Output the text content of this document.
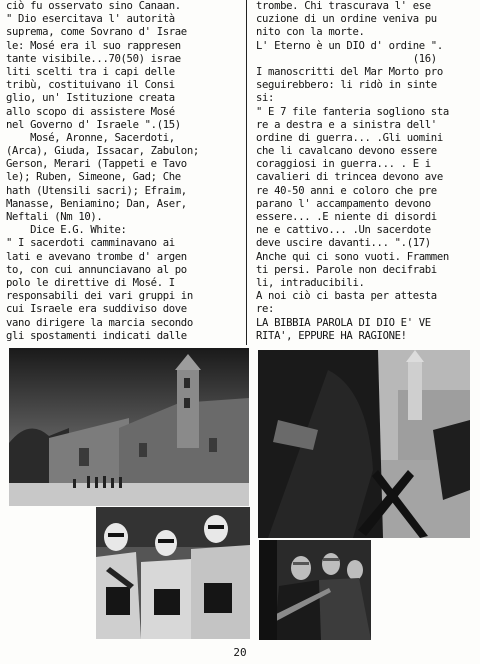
ciò fu osservato sino Canaan.
" Dio esercitava l' autorità
suprema, come Sovrano d' Israe
le: Mosé era il suo rappresen
tante visibile...70(50) israe
liti scelti tra i capi delle
tribù, costituivano il Consi
glio, un' Istituzione creata
allo scopo di assistere Mosé
nel Governo d' Israele ".(15)
Mosé, Aronne, Sacerdoti,
(Arca), Giuda, Issacar, Zabulon;
Gerson, Merari (Tappeti e Tavo
le); Ruben, Simeone, Gad; Che
hath (Utensili sacri); Efraim,
Manasse, Beniamino; Dan, Aser,
Neftali (Nm 10).
Dice E.G. White:
" I sacerdoti camminavano ai
lati e avevano trombe d' argen
to, con cui annunciavano al po
polo le direttive di Mosé. I
responsabili dei vari gruppi in
cui Israele era suddiviso dove
vano dirigere la marcia secondo
gli spostamenti indicati dalle
trombe. Chi trascurava l' ese
cuzione di un ordine veniva pu
nito con la morte.
L' Eterno è un DIO d' ordine ".
(16)
I manoscritti del Mar Morto pro
seguirebbero: li ridò in sinte
si:
" E 7 file fanteria sogliono sta
re a destra e a sinistra dell'
ordine di guerra... .Gli uomini
che li cavalcano devono essere
coraggiosi in guerra... . E i
cavalieri di trincea devono ave
re 40-50 anni e coloro che pre
parano l' accampamento devono
essere... .E niente di disordi
ne e cattivo... .Un sacerdote
deve uscire davanti... ".(17)
Anche qui ci sono vuoti. Frammen
ti persi. Parole non decifrabi
li, intraducibili.
A noi ciò ci basta per attesta
re:
LA BIBBIA PAROLA DI DIO E' VE
RITA', EPPURE HA RAGIONE!
20
